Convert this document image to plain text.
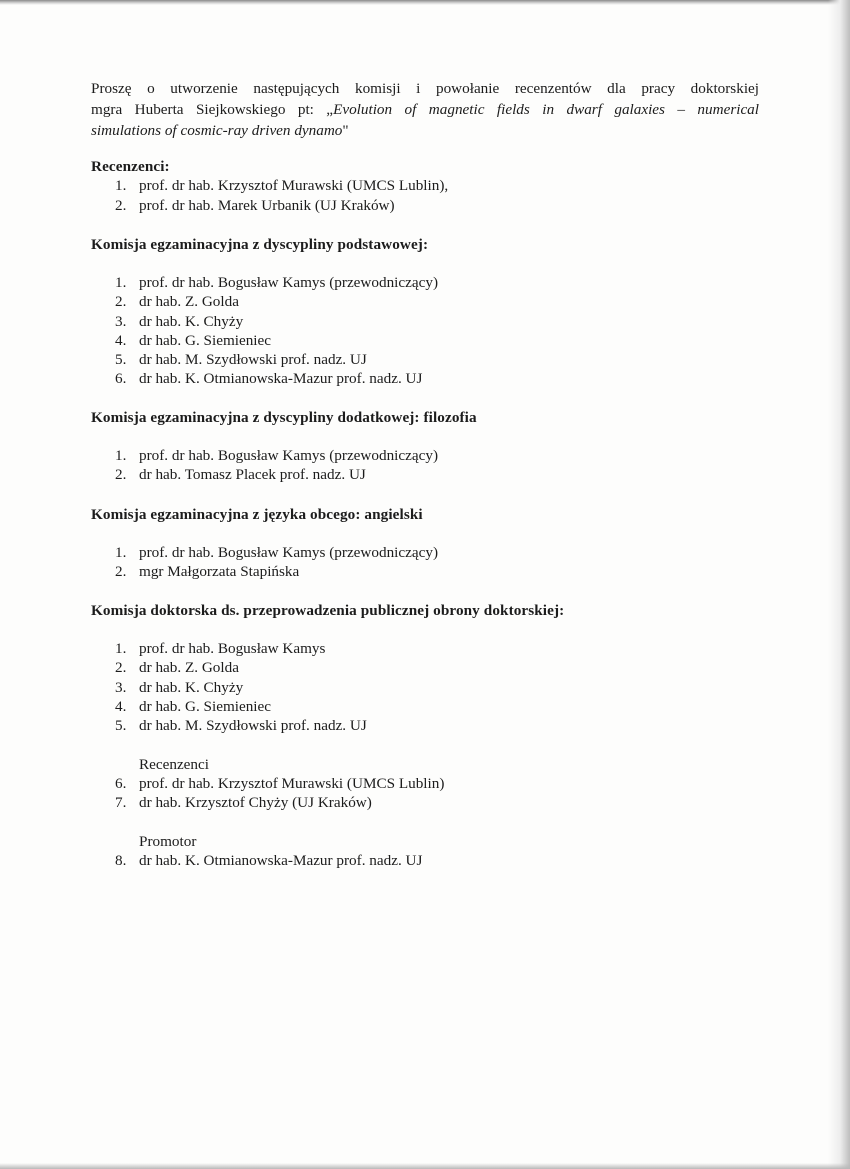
Proszę o utworzenie następujących komisji i powołanie recenzentów dla pracy doktorskiej
mgra Huberta Siejkowskiego pt: „Evolution of magnetic fields in dwarf galaxies – numerical
simulations of cosmic-ray driven dynamo"
Recenzenci:
1. prof. dr hab. Krzysztof Murawski (UMCS Lublin),
2. prof. dr hab. Marek Urbanik (UJ Kraków)
Komisja egzaminacyjna z dyscypliny podstawowej:
1. prof. dr hab. Bogusław Kamys (przewodniczący)
2. dr hab. Z. Golda
3. dr hab. K. Chyży
4. dr hab. G. Siemieniec
5. dr hab. M. Szydłowski prof. nadz. UJ
6. dr hab. K. Otmianowska-Mazur prof. nadz. UJ
Komisja egzaminacyjna z dyscypliny dodatkowej: filozofia
1. prof. dr hab. Bogusław Kamys (przewodniczący)
2. dr hab. Tomasz Placek prof. nadz. UJ
Komisja egzaminacyjna z języka obcego: angielski
1. prof. dr hab. Bogusław Kamys (przewodniczący)
2. mgr Małgorzata Stapińska
Komisja doktorska ds. przeprowadzenia publicznej obrony doktorskiej:
1. prof. dr hab. Bogusław Kamys
2. dr hab. Z. Golda
3. dr hab. K. Chyży
4. dr hab. G. Siemieniec
5. dr hab. M. Szydłowski prof. nadz. UJ
Recenzenci
6. prof. dr hab. Krzysztof Murawski (UMCS Lublin)
7. dr hab. Krzysztof Chyży (UJ Kraków)
Promotor
8. dr hab. K. Otmianowska-Mazur prof. nadz. UJ
